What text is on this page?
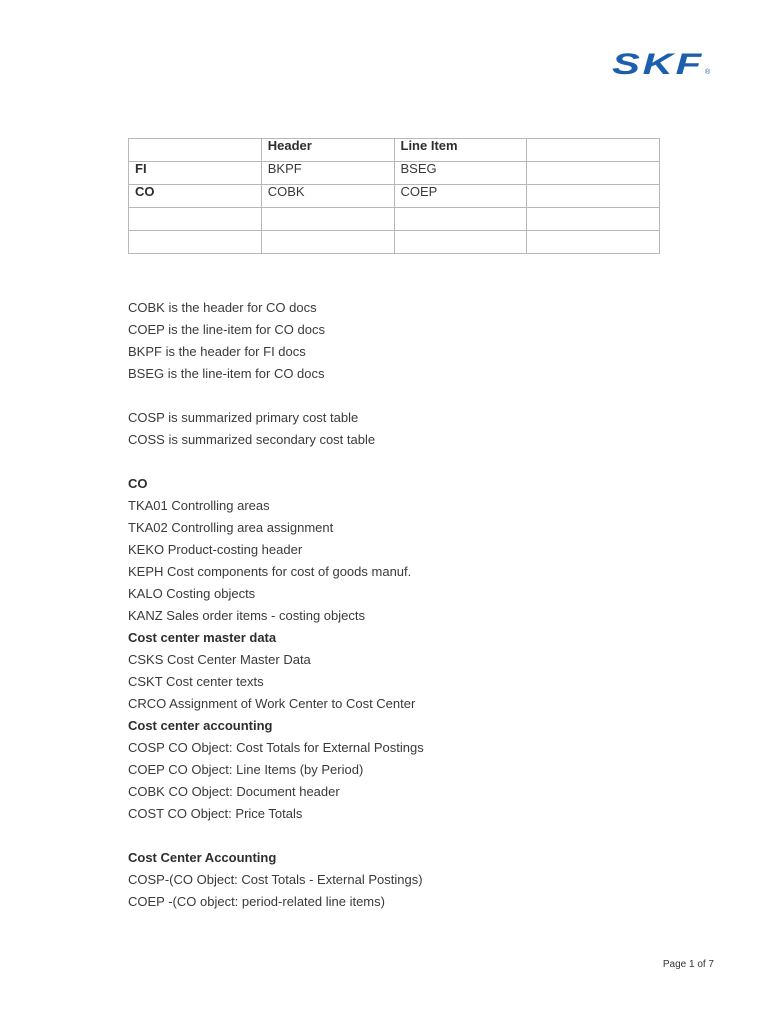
SKF ®
	Header	Line Item	
FI	BKPF	BSEG	
CO	COBK	COEP	

COBK is the header for CO docs

COEP is the line-item for CO docs

BKPF is the header for FI docs

BSEG is the line-item for CO docs

COSP is summarized primary cost table

COSS is summarized secondary cost table

CO

TKA01 Controlling areas

TKA02 Controlling area assignment

KEKO Product-costing header

KEPH Cost components for cost of goods manuf.

KALO Costing objects

KANZ Sales order items - costing objects

Cost center master data

CSKS Cost Center Master Data

CSKT Cost center texts

CRCO Assignment of Work Center to Cost Center

Cost center accounting

COSP CO Object: Cost Totals for External Postings

COEP CO Object: Line Items (by Period)

COBK CO Object: Document header

COST CO Object: Price Totals

Cost Center Accounting

COSP-(CO Object: Cost Totals - External Postings)

COEP -(CO object: period-related line items)

Page 1 of 7
